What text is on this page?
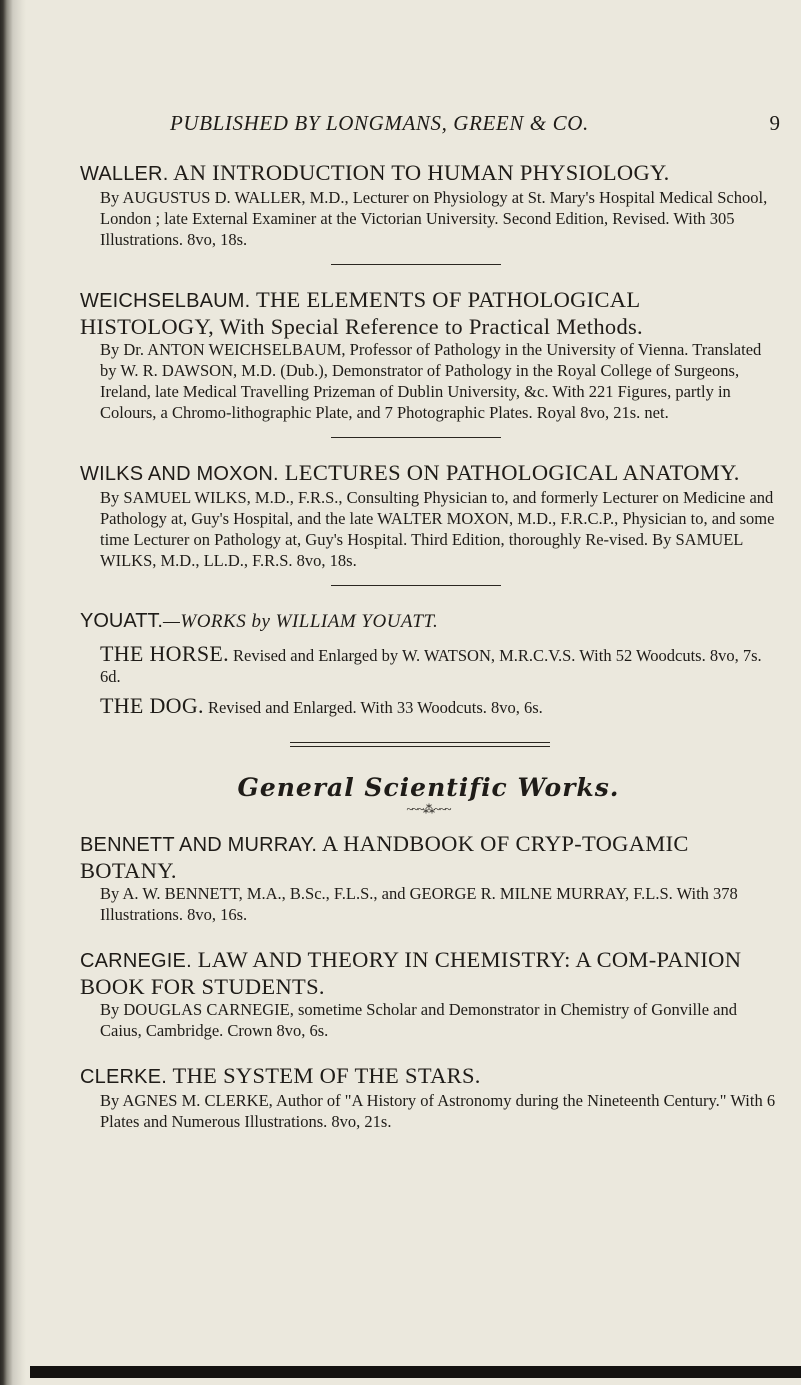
PUBLISHED BY LONGMANS, GREEN & CO.	9
WALLER. AN INTRODUCTION TO HUMAN PHYSIOLOGY.
By AUGUSTUS D. WALLER, M.D., Lecturer on Physiology at St. Mary's Hospital Medical School, London ; late External Examiner at the Victorian University. Second Edition, Revised. With 305 Illustrations. 8vo, 18s.
WEICHSELBAUM. THE ELEMENTS OF PATHOLOGICAL HISTOLOGY, With Special Reference to Practical Methods.
By Dr. ANTON WEICHSELBAUM, Professor of Pathology in the University of Vienna. Translated by W. R. DAWSON, M.D. (Dub.), Demonstrator of Pathology in the Royal College of Surgeons, Ireland, late Medical Travelling Prizeman of Dublin University, &c. With 221 Figures, partly in Colours, a Chromo-lithographic Plate, and 7 Photographic Plates. Royal 8vo, 21s. net.
WILKS AND MOXON. LECTURES ON PATHOLOGICAL ANATOMY.
By SAMUEL WILKS, M.D., F.R.S., Consulting Physician to, and formerly Lecturer on Medicine and Pathology at, Guy's Hospital, and the late WALTER MOXON, M.D., F.R.C.P., Physician to, and some time Lecturer on Pathology at, Guy's Hospital. Third Edition, thoroughly Re-vised. By SAMUEL WILKS, M.D., LL.D., F.R.S. 8vo, 18s.
YOUATT.—WORKS by WILLIAM YOUATT.
THE HORSE. Revised and Enlarged by W. WATSON, M.R.C.V.S. With 52 Woodcuts. 8vo, 7s. 6d.
THE DOG. Revised and Enlarged. With 33 Woodcuts. 8vo, 6s.
General Scientific Works.
~~~⁂~~~
BENNETT AND MURRAY. A HANDBOOK OF CRYP-TOGAMIC BOTANY.
By A. W. BENNETT, M.A., B.Sc., F.L.S., and GEORGE R. MILNE MURRAY, F.L.S. With 378 Illustrations. 8vo, 16s.
CARNEGIE. LAW AND THEORY IN CHEMISTRY: A COM-PANION BOOK FOR STUDENTS.
By DOUGLAS CARNEGIE, sometime Scholar and Demonstrator in Chemistry of Gonville and Caius, Cambridge. Crown 8vo, 6s.
CLERKE. THE SYSTEM OF THE STARS.
By AGNES M. CLERKE, Author of "A History of Astronomy during the Nineteenth Century." With 6 Plates and Numerous Illustrations. 8vo, 21s.
